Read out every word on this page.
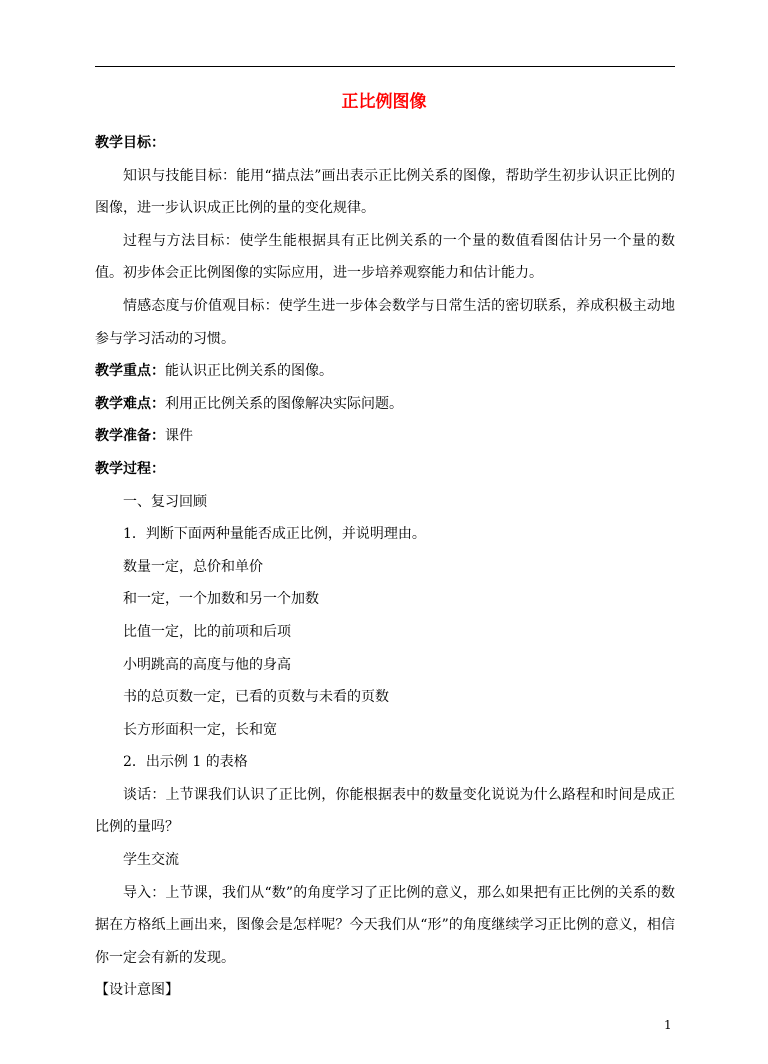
正比例图像
教学目标：

知识与技能目标：能用“描点法”画出表示正比例关系的图像，帮助学生初步认识正比例的图像，进一步认识成正比例的量的变化规律。

过程与方法目标：使学生能根据具有正比例关系的一个量的数值看图估计另一个量的数值。初步体会正比例图像的实际应用，进一步培养观察能力和估计能力。

情感态度与价值观目标：使学生进一步体会数学与日常生活的密切联系，养成积极主动地参与学习活动的习惯。

教学重点：能认识正比例关系的图像。
教学难点：利用正比例关系的图像解决实际问题。
教学准备：课件
教学过程：
一、复习回顾
1．判断下面两种量能否成正比例，并说明理由。
数量一定，总价和单价
和一定，一个加数和另一个加数
比值一定，比的前项和后项
小明跳高的高度与他的身高
书的总页数一定，已看的页数与未看的页数
长方形面积一定，长和宽
2．出示例 1 的表格

谈话：上节课我们认识了正比例，你能根据表中的数量变化说说为什么路程和时间是成正比例的量吗？

学生交流

导入：上节课，我们从“数”的角度学习了正比例的意义，那么如果把有正比例的关系的数据在方格纸上画出来，图像会是怎样呢？今天我们从“形”的角度继续学习正比例的意义，相信你一定会有新的发现。

【设计意图】
1
